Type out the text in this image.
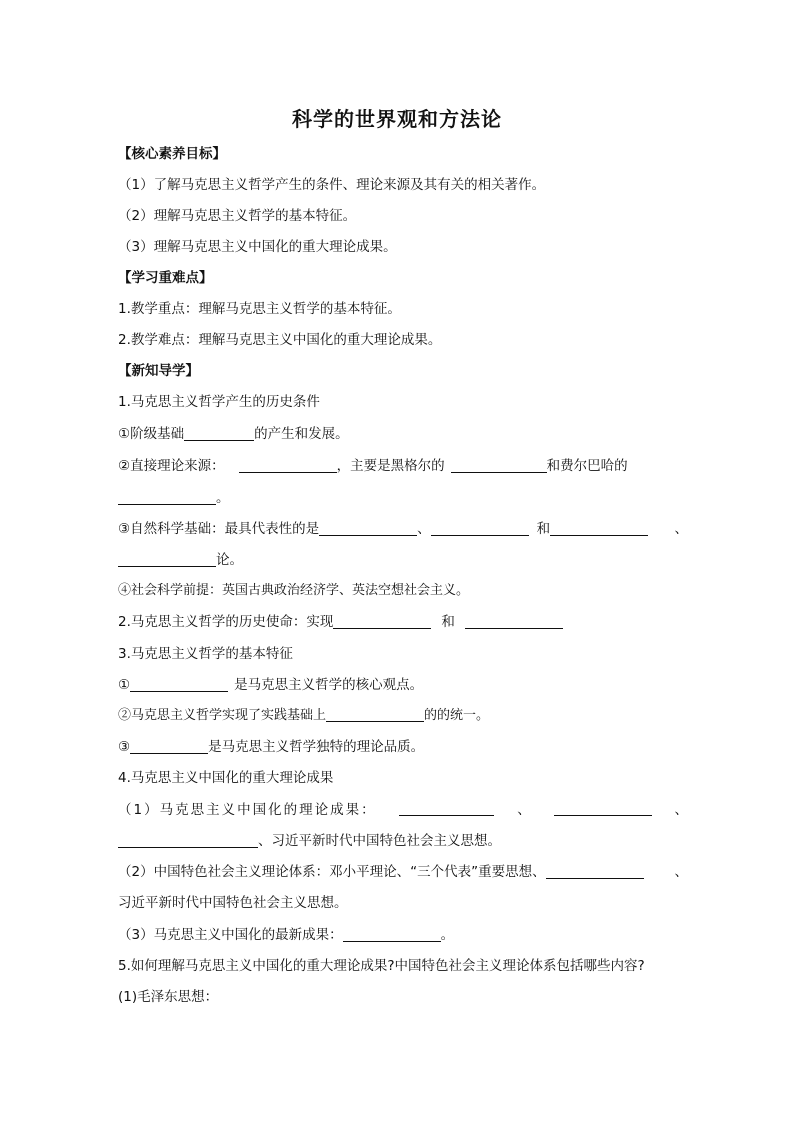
科学的世界观和方法论
【核心素养目标】
（1）了解马克思主义哲学产生的条件、理论来源及其有关的相关著作。
（2）理解马克思主义哲学的基本特征。
（3）理解马克思主义中国化的重大理论成果。
【学习重难点】
1.教学重点：理解马克思主义哲学的基本特征。
2.教学难点：理解马克思主义中国化的重大理论成果。
【新知导学】
1.马克思主义哲学产生的历史条件
①阶级基础	的产生和发展。
②直接理论来源：	，主要是黑格尔的	和费尔巴哈的
。
③自然科学基础：最具代表性的是	、	和	、
论。
④社会科学前提：英国古典政治经济学、英法空想社会主义。
2.马克思主义哲学的历史使命：实现	和
3.马克思主义哲学的基本特征
①	是马克思主义哲学的核心观点。
②马克思主义哲学实现了实践基础上	的的统一。
③	是马克思主义哲学独特的理论品质。
4.马克思主义中国化的重大理论成果
（1）马克思主义中国化的理论成果：	、	、
、习近平新时代中国特色社会主义思想。
（2）中国特色社会主义理论体系：邓小平理论、“三个代表”重要思想、	、
习近平新时代中国特色社会主义思想。
（3）马克思主义中国化的最新成果：	。
5.如何理解马克思主义中国化的重大理论成果?中国特色社会主义理论体系包括哪些内容?
(1)毛泽东思想：
